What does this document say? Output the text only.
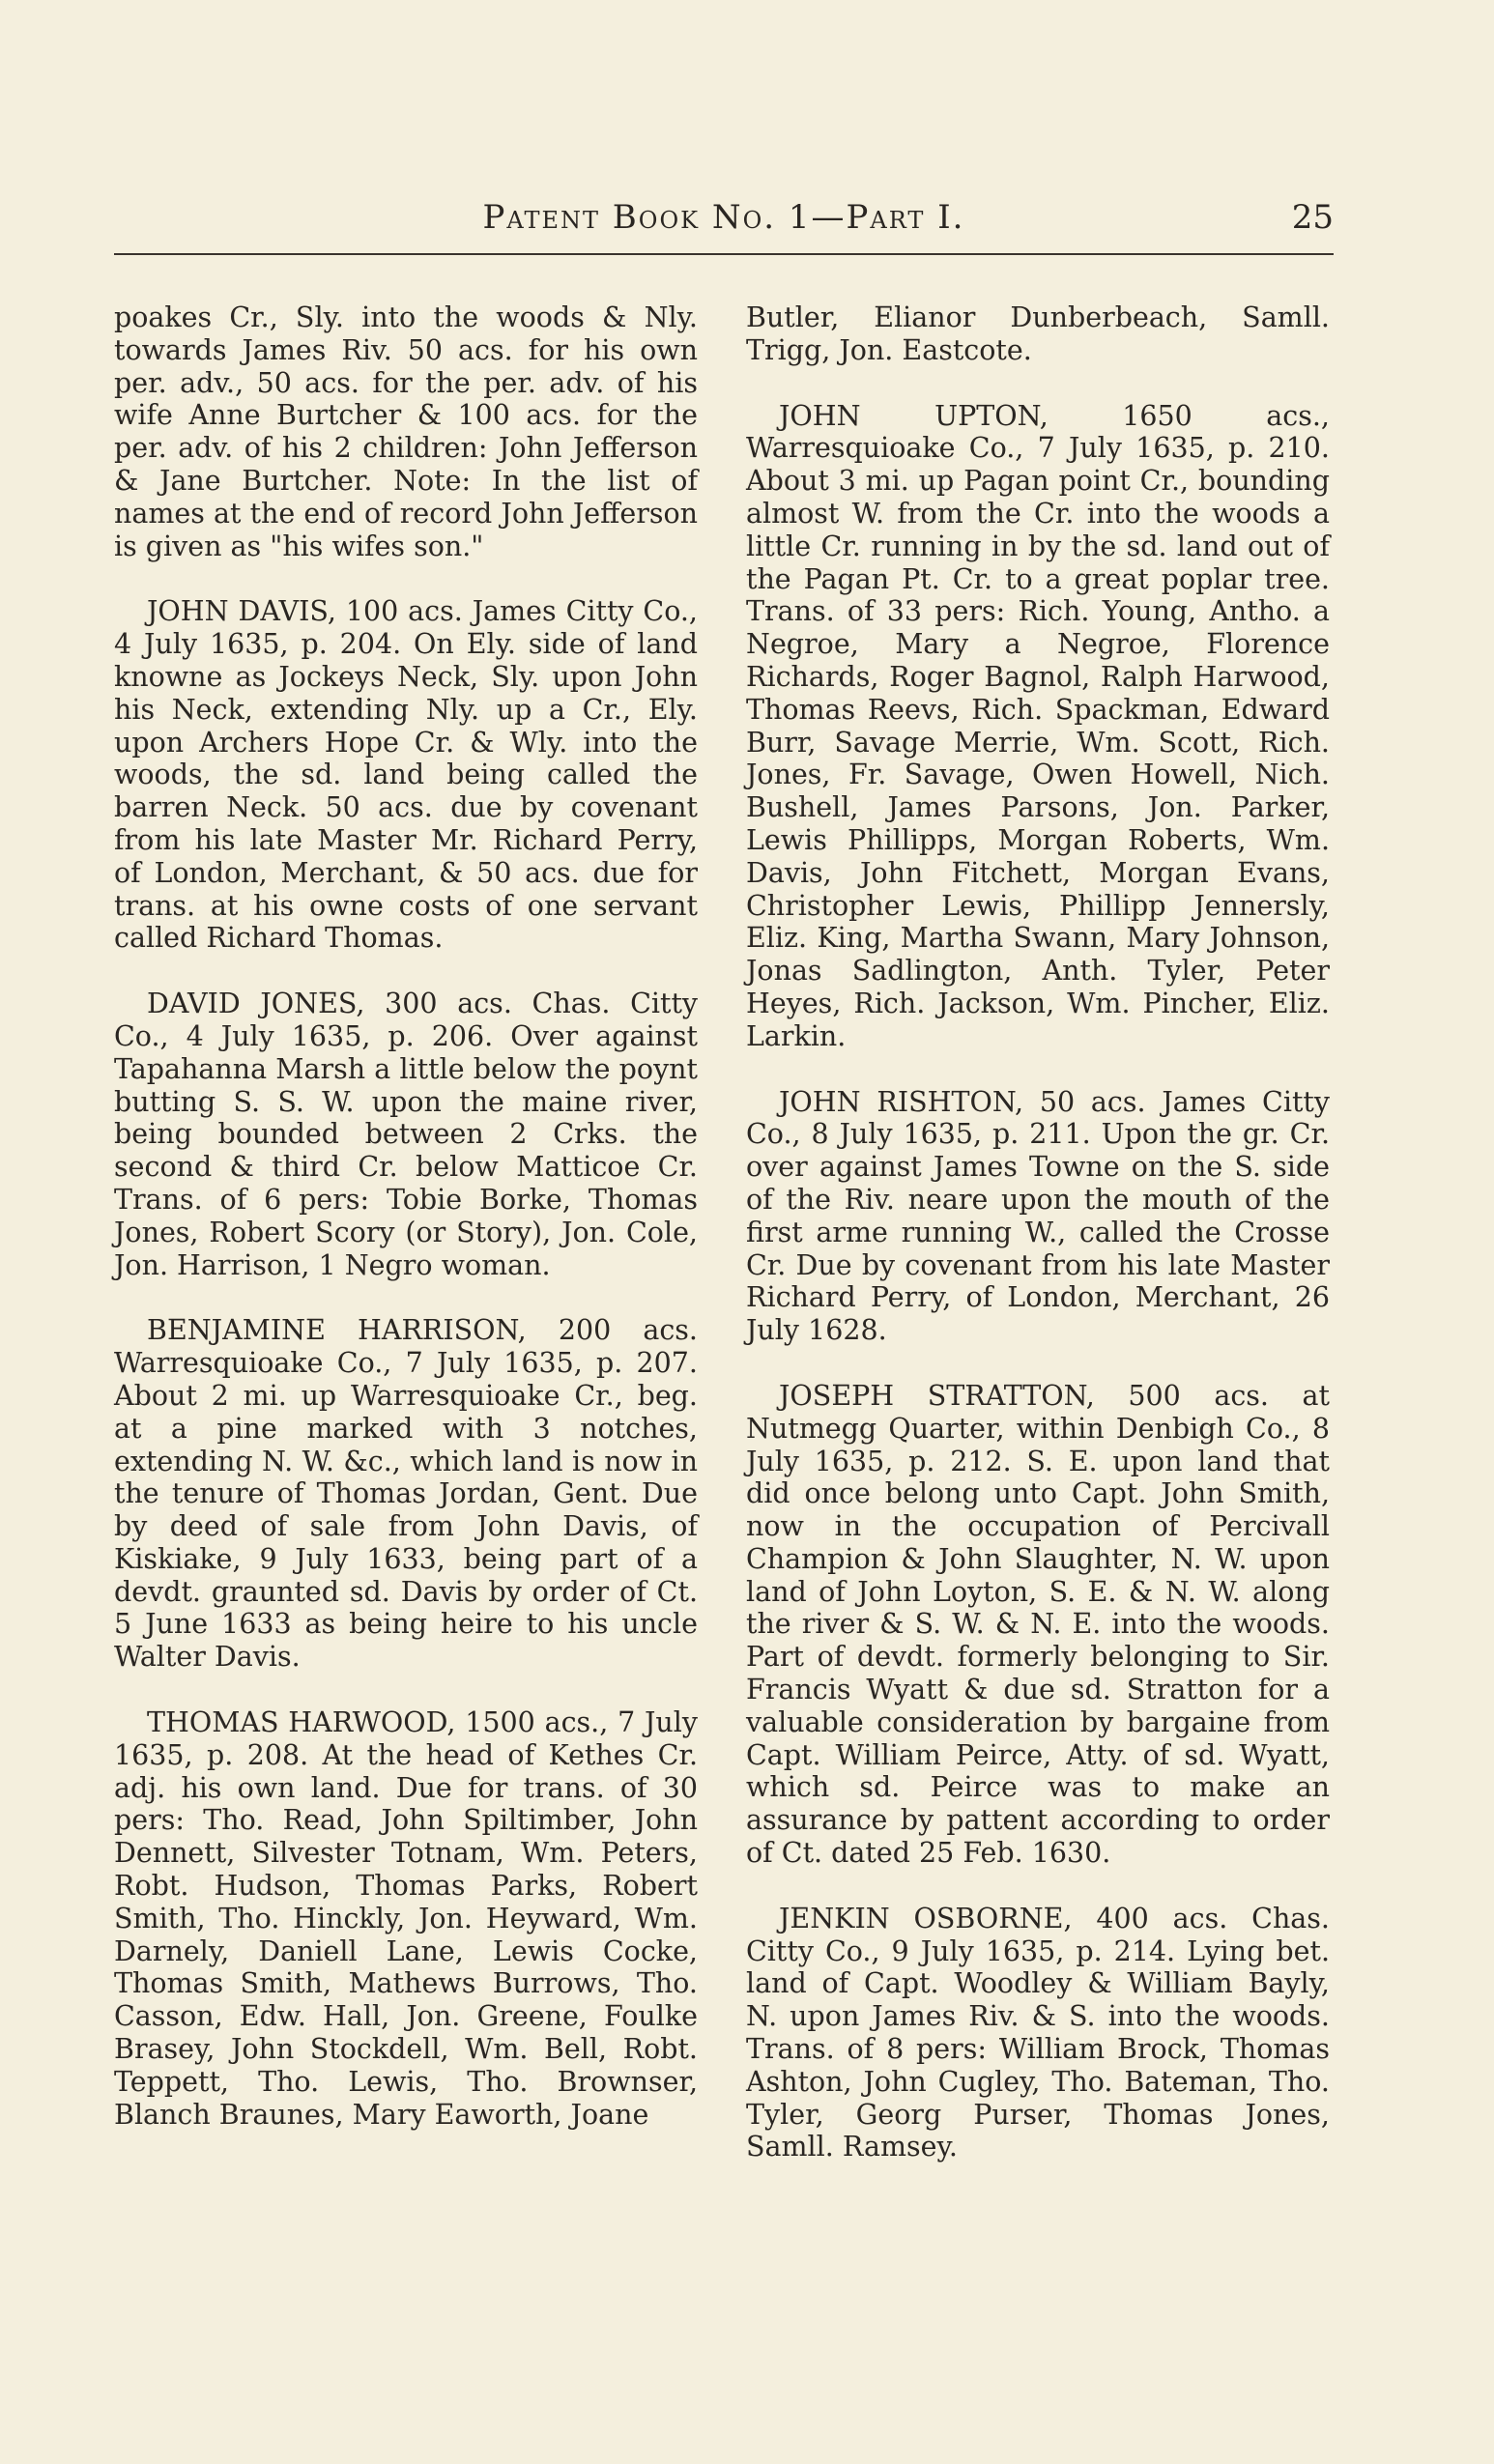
Patent Book No. 1—Part I.	25

poakes Cr., Sly. into the woods & Nly. towards James Riv. 50 acs. for his own per. adv., 50 acs. for the per. adv. of his wife Anne Burtcher & 100 acs. for the per. adv. of his 2 children: John Jefferson & Jane Burtcher. Note: In the list of names at the end of record John Jefferson is given as "his wifes son."

JOHN DAVIS, 100 acs. James Citty Co., 4 July 1635, p. 204. On Ely. side of land knowne as Jockeys Neck, Sly. upon John his Neck, extending Nly. up a Cr., Ely. upon Archers Hope Cr. & Wly. into the woods, the sd. land being called the barren Neck. 50 acs. due by covenant from his late Master Mr. Richard Perry, of London, Merchant, & 50 acs. due for trans. at his owne costs of one servant called Richard Thomas.

DAVID JONES, 300 acs. Chas. Citty Co., 4 July 1635, p. 206. Over against Tapahanna Marsh a little below the poynt butting S. S. W. upon the maine river, being bounded between 2 Crks. the second & third Cr. below Matticoe Cr. Trans. of 6 pers: Tobie Borke, Thomas Jones, Robert Scory (or Story), Jon. Cole, Jon. Harrison, 1 Negro woman.

BENJAMINE HARRISON, 200 acs. Warresquioake Co., 7 July 1635, p. 207. About 2 mi. up Warresquioake Cr., beg. at a pine marked with 3 notches, extending N. W. &c., which land is now in the tenure of Thomas Jordan, Gent. Due by deed of sale from John Davis, of Kiskiake, 9 July 1633, being part of a devdt. graunted sd. Davis by order of Ct. 5 June 1633 as being heire to his uncle Walter Davis.

THOMAS HARWOOD, 1500 acs., 7 July 1635, p. 208. At the head of Kethes Cr. adj. his own land. Due for trans. of 30 pers: Tho. Read, John Spiltimber, John Dennett, Silvester Totnam, Wm. Peters, Robt. Hudson, Thomas Parks, Robert Smith, Tho. Hinckly, Jon. Heyward, Wm. Darnely, Daniell Lane, Lewis Cocke, Thomas Smith, Mathews Burrows, Tho. Casson, Edw. Hall, Jon. Greene, Foulke Brasey, John Stockdell, Wm. Bell, Robt. Teppett, Tho. Lewis, Tho. Brownser, Blanch Braunes, Mary Eaworth, Joane

Butler, Elianor Dunberbeach, Samll. Trigg, Jon. Eastcote.

JOHN UPTON, 1650 acs., Warresquioake Co., 7 July 1635, p. 210. About 3 mi. up Pagan point Cr., bounding almost W. from the Cr. into the woods a little Cr. running in by the sd. land out of the Pagan Pt. Cr. to a great poplar tree. Trans. of 33 pers: Rich. Young, Antho. a Negroe, Mary a Negroe, Florence Richards, Roger Bagnol, Ralph Harwood, Thomas Reevs, Rich. Spackman, Edward Burr, Savage Merrie, Wm. Scott, Rich. Jones, Fr. Savage, Owen Howell, Nich. Bushell, James Parsons, Jon. Parker, Lewis Phillipps, Morgan Roberts, Wm. Davis, John Fitchett, Morgan Evans, Christopher Lewis, Phillipp Jennersly, Eliz. King, Martha Swann, Mary Johnson, Jonas Sadlington, Anth. Tyler, Peter Heyes, Rich. Jackson, Wm. Pincher, Eliz. Larkin.

JOHN RISHTON, 50 acs. James Citty Co., 8 July 1635, p. 211. Upon the gr. Cr. over against James Towne on the S. side of the Riv. neare upon the mouth of the first arme running W., called the Crosse Cr. Due by covenant from his late Master Richard Perry, of London, Merchant, 26 July 1628.

JOSEPH STRATTON, 500 acs. at Nutmegg Quarter, within Denbigh Co., 8 July 1635, p. 212. S. E. upon land that did once belong unto Capt. John Smith, now in the occupation of Percivall Champion & John Slaughter, N. W. upon land of John Loyton, S. E. & N. W. along the river & S. W. & N. E. into the woods. Part of devdt. formerly belonging to Sir. Francis Wyatt & due sd. Stratton for a valuable consideration by bargaine from Capt. William Peirce, Atty. of sd. Wyatt, which sd. Peirce was to make an assurance by pattent according to order of Ct. dated 25 Feb. 1630.

JENKIN OSBORNE, 400 acs. Chas. Citty Co., 9 July 1635, p. 214. Lying bet. land of Capt. Woodley & William Bayly, N. upon James Riv. & S. into the woods. Trans. of 8 pers: William Brock, Thomas Ashton, John Cugley, Tho. Bateman, Tho. Tyler, Georg Purser, Thomas Jones, Samll. Ramsey.
